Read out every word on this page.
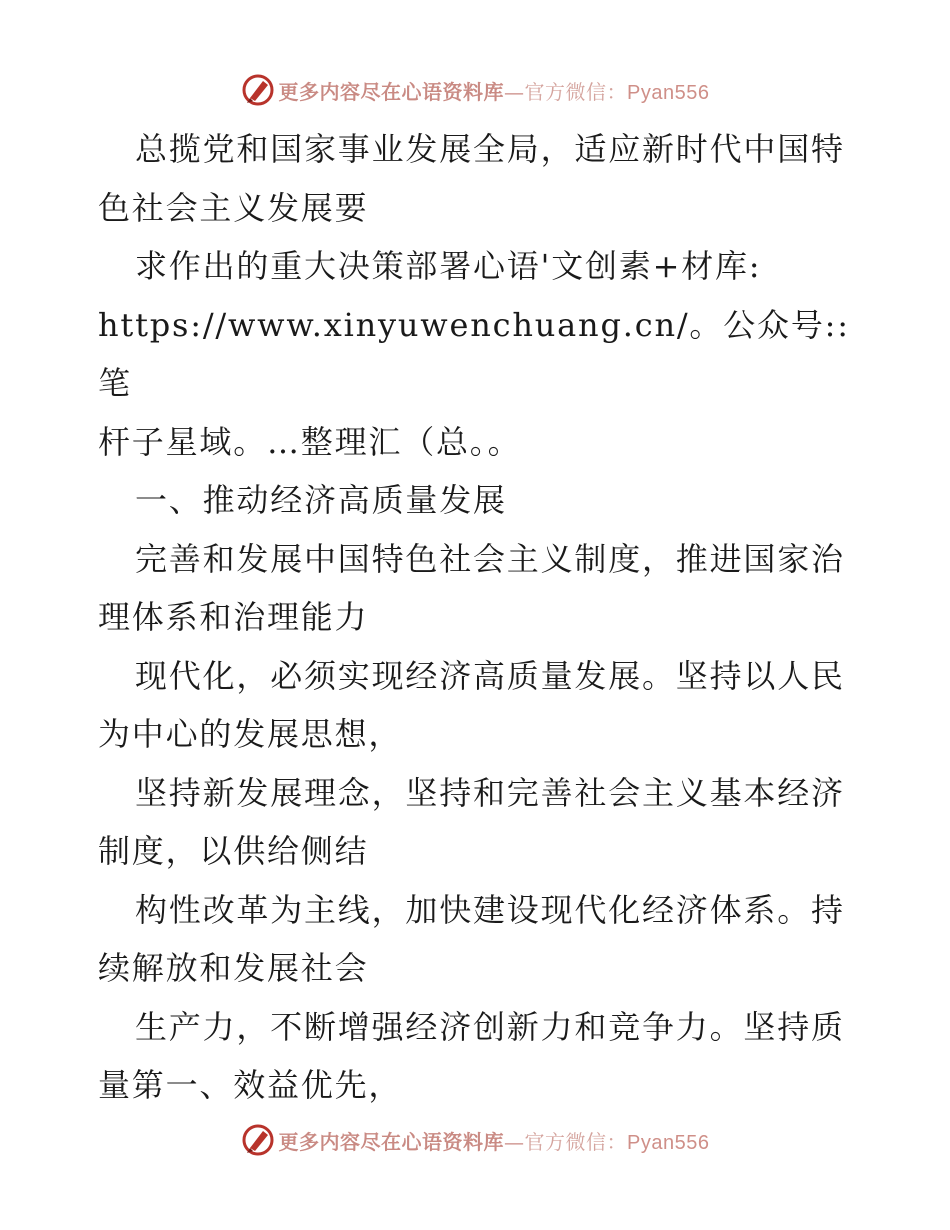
更多内容尽在心语资料库—官方微信：Pyan556

总揽党和国家事业发展全局，适应新时代中国特
色社会主义发展要

求作出的重大决策部署心语'文创素+材库:
https://www.xinyuwenchuang.cn/。公众号:: 笔
杆子星域。…整理汇（总。。

一、推动经济高质量发展

完善和发展中国特色社会主义制度，推进国家治
理体系和治理能力

现代化，必须实现经济高质量发展。坚持以人民
为中心的发展思想，

坚持新发展理念，坚持和完善社会主义基本经济
制度，以供给侧结

构性改革为主线，加快建设现代化经济体系。持
续解放和发展社会

生产力，不断增强经济创新力和竞争力。坚持质
量第一、效益优先，

更多内容尽在心语资料库—官方微信：Pyan556
